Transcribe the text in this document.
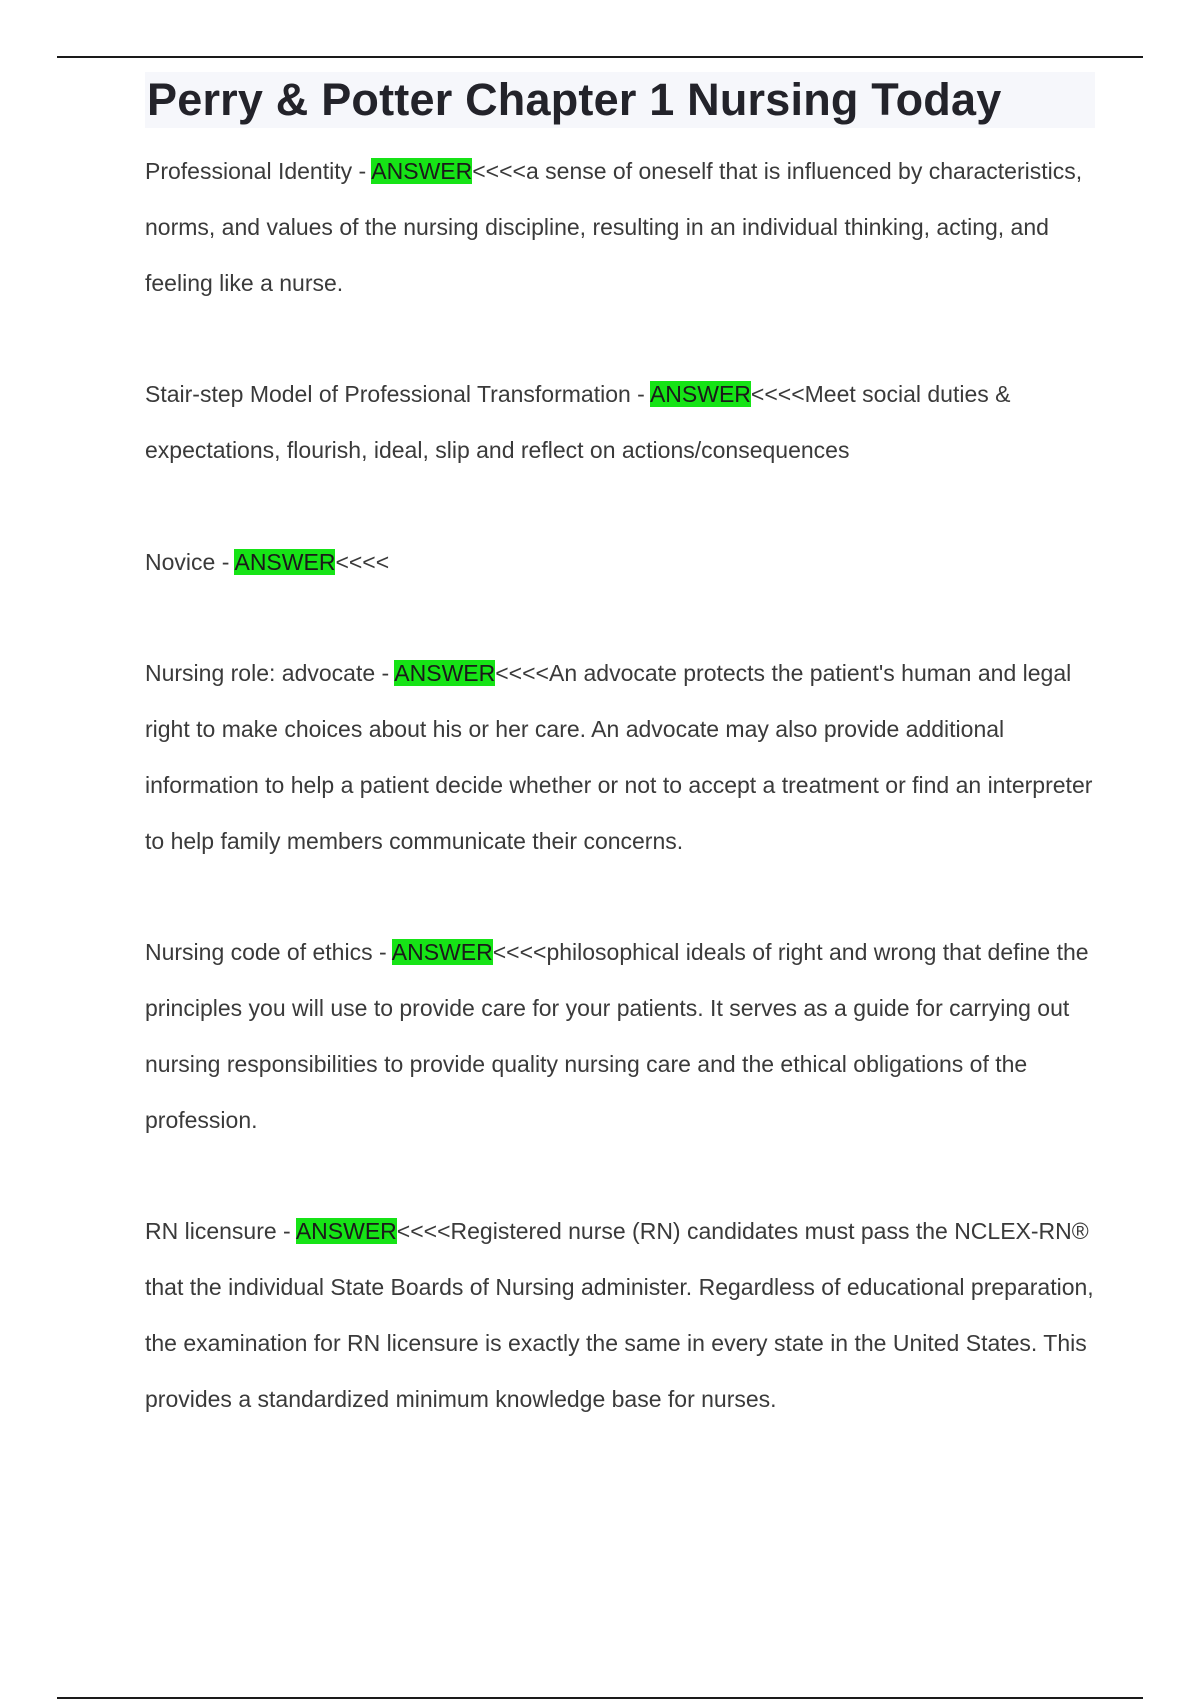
Perry & Potter Chapter 1 Nursing Today

Professional Identity - ANSWER<<<<a sense of oneself that is influenced by characteristics, norms, and values of the nursing discipline, resulting in an individual thinking, acting, and feeling like a nurse.

Stair-step Model of Professional Transformation - ANSWER<<<<Meet social duties & expectations, flourish, ideal, slip and reflect on actions/consequences

Novice - ANSWER<<<<

Nursing role: advocate - ANSWER<<<<An advocate protects the patient's human and legal right to make choices about his or her care. An advocate may also provide additional information to help a patient decide whether or not to accept a treatment or find an interpreter to help family members communicate their concerns.

Nursing code of ethics - ANSWER<<<<philosophical ideals of right and wrong that define the principles you will use to provide care for your patients. It serves as a guide for carrying out nursing responsibilities to provide quality nursing care and the ethical obligations of the profession.

RN licensure - ANSWER<<<<Registered nurse (RN) candidates must pass the NCLEX-RN® that the individual State Boards of Nursing administer. Regardless of educational preparation, the examination for RN licensure is exactly the same in every state in the United States. This provides a standardized minimum knowledge base for nurses.
